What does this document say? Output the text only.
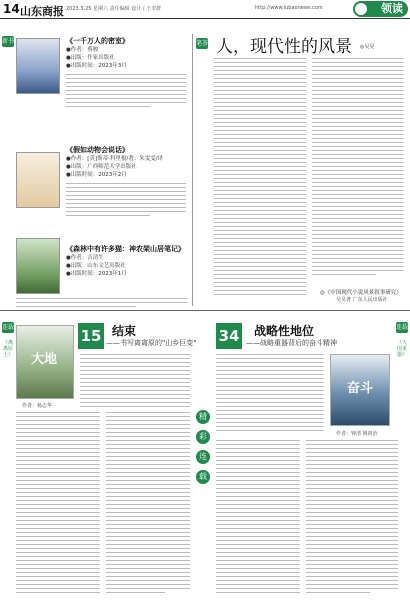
14 山东商报 2023.3.25 星期六 责任编辑 设计 / 王李群	http://www.lubaonews.com	领读
新书	《一千万人的密室》
●作者：蔡骏
●出版：作家出版社
●出版时间：2023年3月
《假如动物会说话》
●作者：[英]斯蒂·科里根/著；朱雯雯/译
●出版：广西师范大学出版社
●出版时间：2023年2月
《森林中有许多猫：神农架山居笔记》
●作者：吉清生
●出版：山东文艺出版社
●出版时间：2023年1月
笔荟 人，现代性的风景 ◎吴昊
◎《中国现代小说风景叙事研究》
吴昊著 广东人民出版社
连载
《离离原上》 大地
作者：杨志华
15 结束
——书写离离原的"山乡巨变"
精
彩
连
载
34 战略性地位
——战略重器背后的奋斗精神
连载
《大国重器》
奋斗
作者：钟清 姚祖治
